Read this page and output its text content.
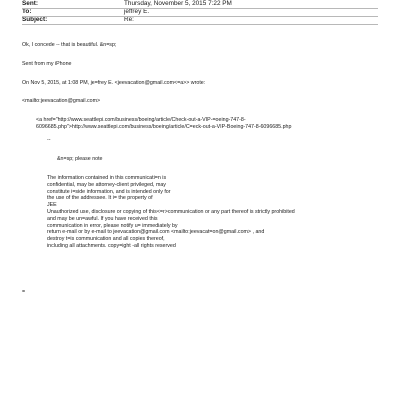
Sent:	Thursday, November 5, 2015 7:22 PM
To:	jeffrey E.
Subject:	Re:
Ok, I concede -- that is beautiful. &n=sp;
Sent from my iPhone
On Nov 5, 2015, at 1:08 PM, je=frey E. <jeevacation@gmail.com<=a>> wrote:
<mailto:jeevacation@gmail.com>
<a href="http://www.seattlepi.com/business/boeing/article/Check-out-a-VIP-=oeing-747-8-6096685.php">http://www.seattlepi.com/business/boeing/article/C=eck-out-a-VIP-Boeing-747-8-6096685.php
--
&n=sp; please note
The information contained in this communicati=n is
confidential, may be attorney-client privileged, may
constitute i=side information, and is intended only for
the use of the addressee. It i= the property of
JEE
Unauthorized use, disclosure or copying of this<=r>communication or any part thereof is strictly prohibited
and may be un=awful. If you have received this
communication in error, please notify u= immediately by
return e-mail or by e-mail to jeevacation@gmail.com <mailto:jeevacat=on@gmail.com> , and
destroy t=is communication and all copies thereof,
including all attachments. copy=ight -all rights reserved
=
